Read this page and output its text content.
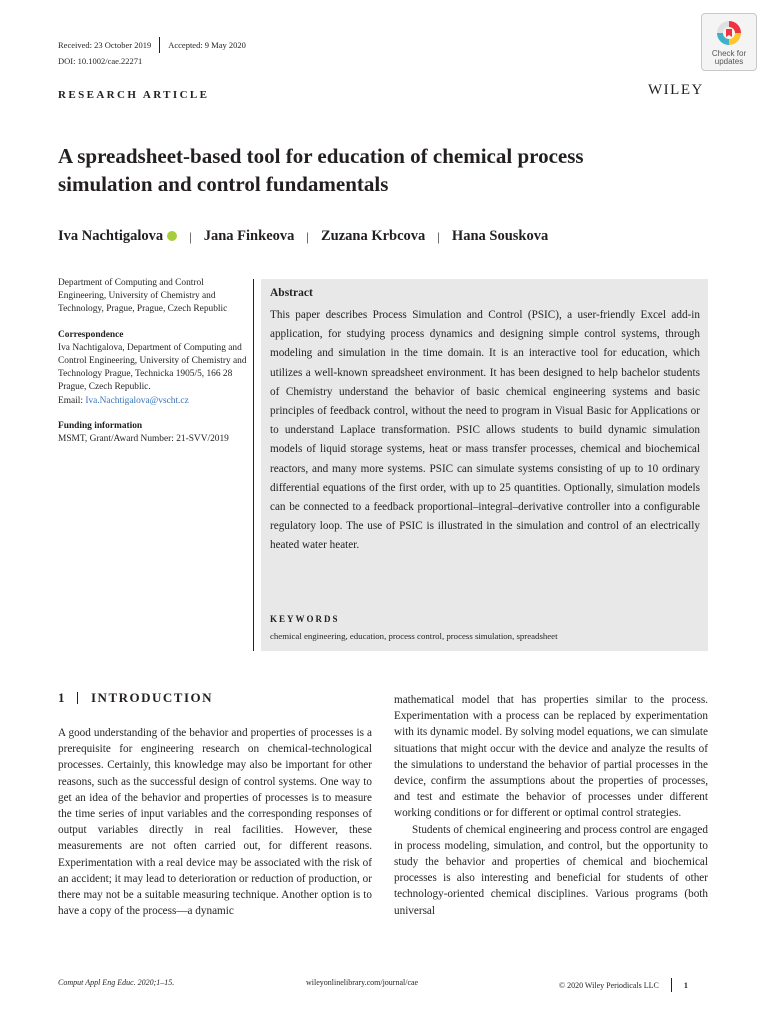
Received: 23 October 2019 Accepted: 9 May 2020
DOI: 10.1002/cae.22271
Check for
updates
RESEARCH ARTICLE	WILEY
A spreadsheet-based tool for education of chemical process
simulation and control fundamentals
Iva Nachtigalova | Jana Finkeova | Zuzana Krbcova | Hana Souskova

Department of Computing and Control Engineering, University of Chemistry and Technology, Prague, Prague, Czech Republic

Correspondence
Iva Nachtigalova, Department of Computing and Control Engineering, University of Chemistry and Technology Prague, Technicka 1905/5, 166 28 Prague, Czech Republic.
Email: Iva.Nachtigalova@vscht.cz

Funding information
MSMT, Grant/Award Number: 21-SVV/2019

Abstract
This paper describes Process Simulation and Control (PSIC), a user-friendly Excel add-in application, for studying process dynamics and designing simple control systems, through modeling and simulation in the time domain. It is an interactive tool for education, which utilizes a well-known spreadsheet environment. It has been designed to help bachelor students of Chemistry understand the behavior of basic chemical engineering systems and basic principles of feedback control, without the need to program in Visual Basic for Applications or to understand Laplace transformation. PSIC allows students to build dynamic simulation models of liquid storage systems, heat or mass transfer processes, chemical and biochemical reactors, and many more systems. PSIC can simulate systems consisting of up to 10 ordinary differential equations of the first order, with up to 25 quantities. Optionally, simulation models can be connected to a feedback proportional–integral–derivative controller into a configurable regulatory loop. The use of PSIC is illustrated in the simulation and control of an electrically heated water heater.
KEYWORDS
chemical engineering, education, process control, process simulation, spreadsheet
1 INTRODUCTION

A good understanding of the behavior and properties of processes is a prerequisite for engineering research on chemical-technological processes. Certainly, this knowledge may also be important for other reasons, such as the successful design of control systems. One way to get an idea of the behavior and properties of processes is to measure the time series of input variables and the corresponding responses of output variables directly in real facilities. However, these measurements are not often carried out, for different reasons. Experimentation with a real device may be associated with the risk of an accident; it may lead to deterioration or reduction of production, or there may not be a suitable measuring technique. Another option is to have a copy of the process—a dynamic

mathematical model that has properties similar to the process. Experimentation with a process can be replaced by experimentation with its dynamic model. By solving model equations, we can simulate situations that might occur with the device and analyze the results of the simulations to understand the behavior of partial processes in the device, confirm the assumptions about the properties of processes, and test and estimate the behavior of processes under different working conditions or for different or optimal control strategies.

Students of chemical engineering and process control are engaged in process modeling, simulation, and control, but the opportunity to study the behavior and properties of chemical and biochemical processes is also interesting and beneficial for students of other technology-oriented chemical disciplines. Various programs (both universal

Comput Appl Eng Educ. 2020;1–15.	wileyonlinelibrary.com/journal/cae	© 2020 Wiley Periodicals LLC	1
